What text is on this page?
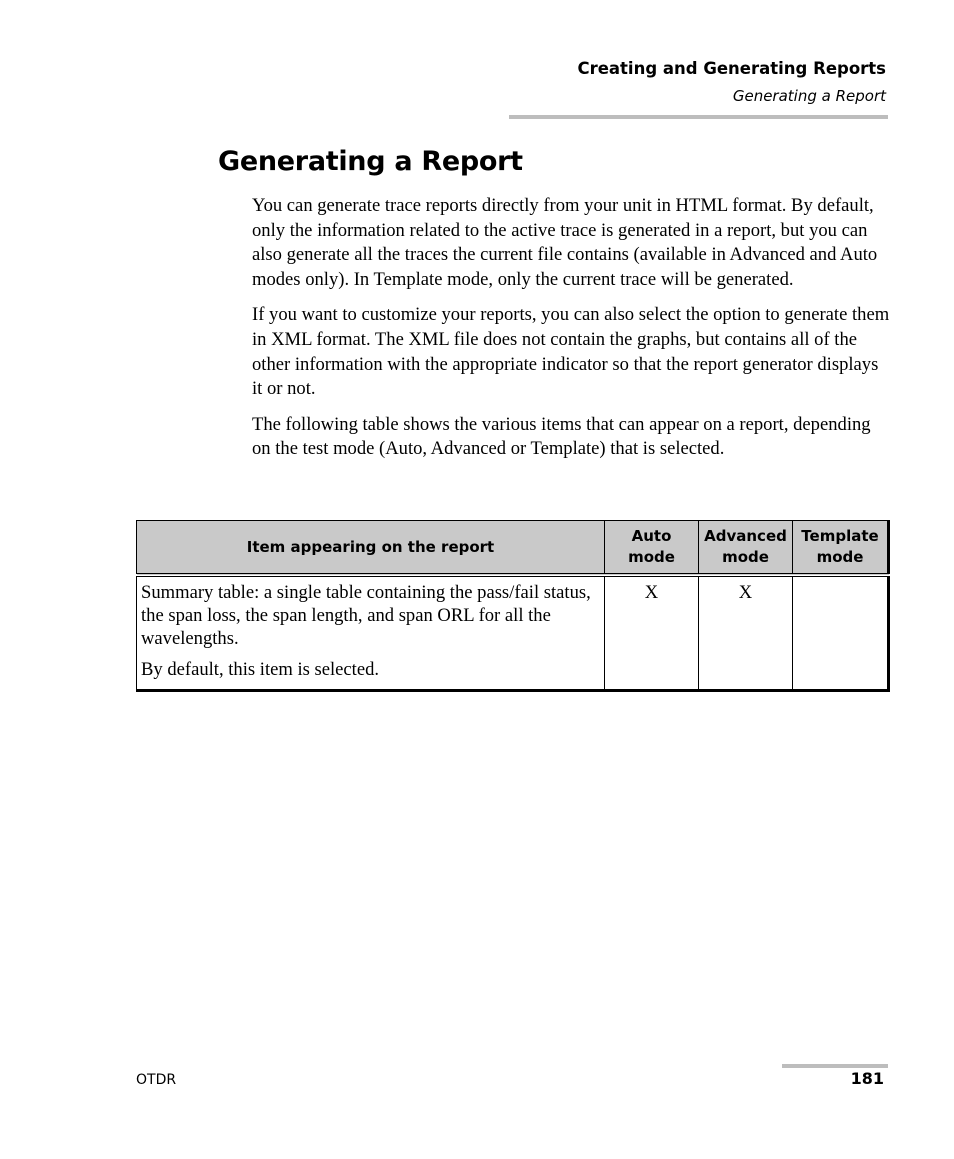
Creating and Generating Reports
Generating a Report
Generating a Report

You can generate trace reports directly from your unit in HTML format. By default, only the information related to the active trace is generated in a report, but you can also generate all the traces the current file contains (available in Advanced and Auto modes only). In Template mode, only the current trace will be generated.

If you want to customize your reports, you can also select the option to generate them in XML format. The XML file does not contain the graphs, but contains all of the other information with the appropriate indicator so that the report generator displays it or not.

The following table shows the various items that can appear on a report, depending on the test mode (Auto, Advanced or Template) that is selected.

Item appearing on the report	Auto mode	Advanced mode	Template mode

Summary table: a single table containing the pass/fail status, the span loss, the span length, and span ORL for all the wavelengths.

By default, this item is selected.	X	X	
OTDR	181
